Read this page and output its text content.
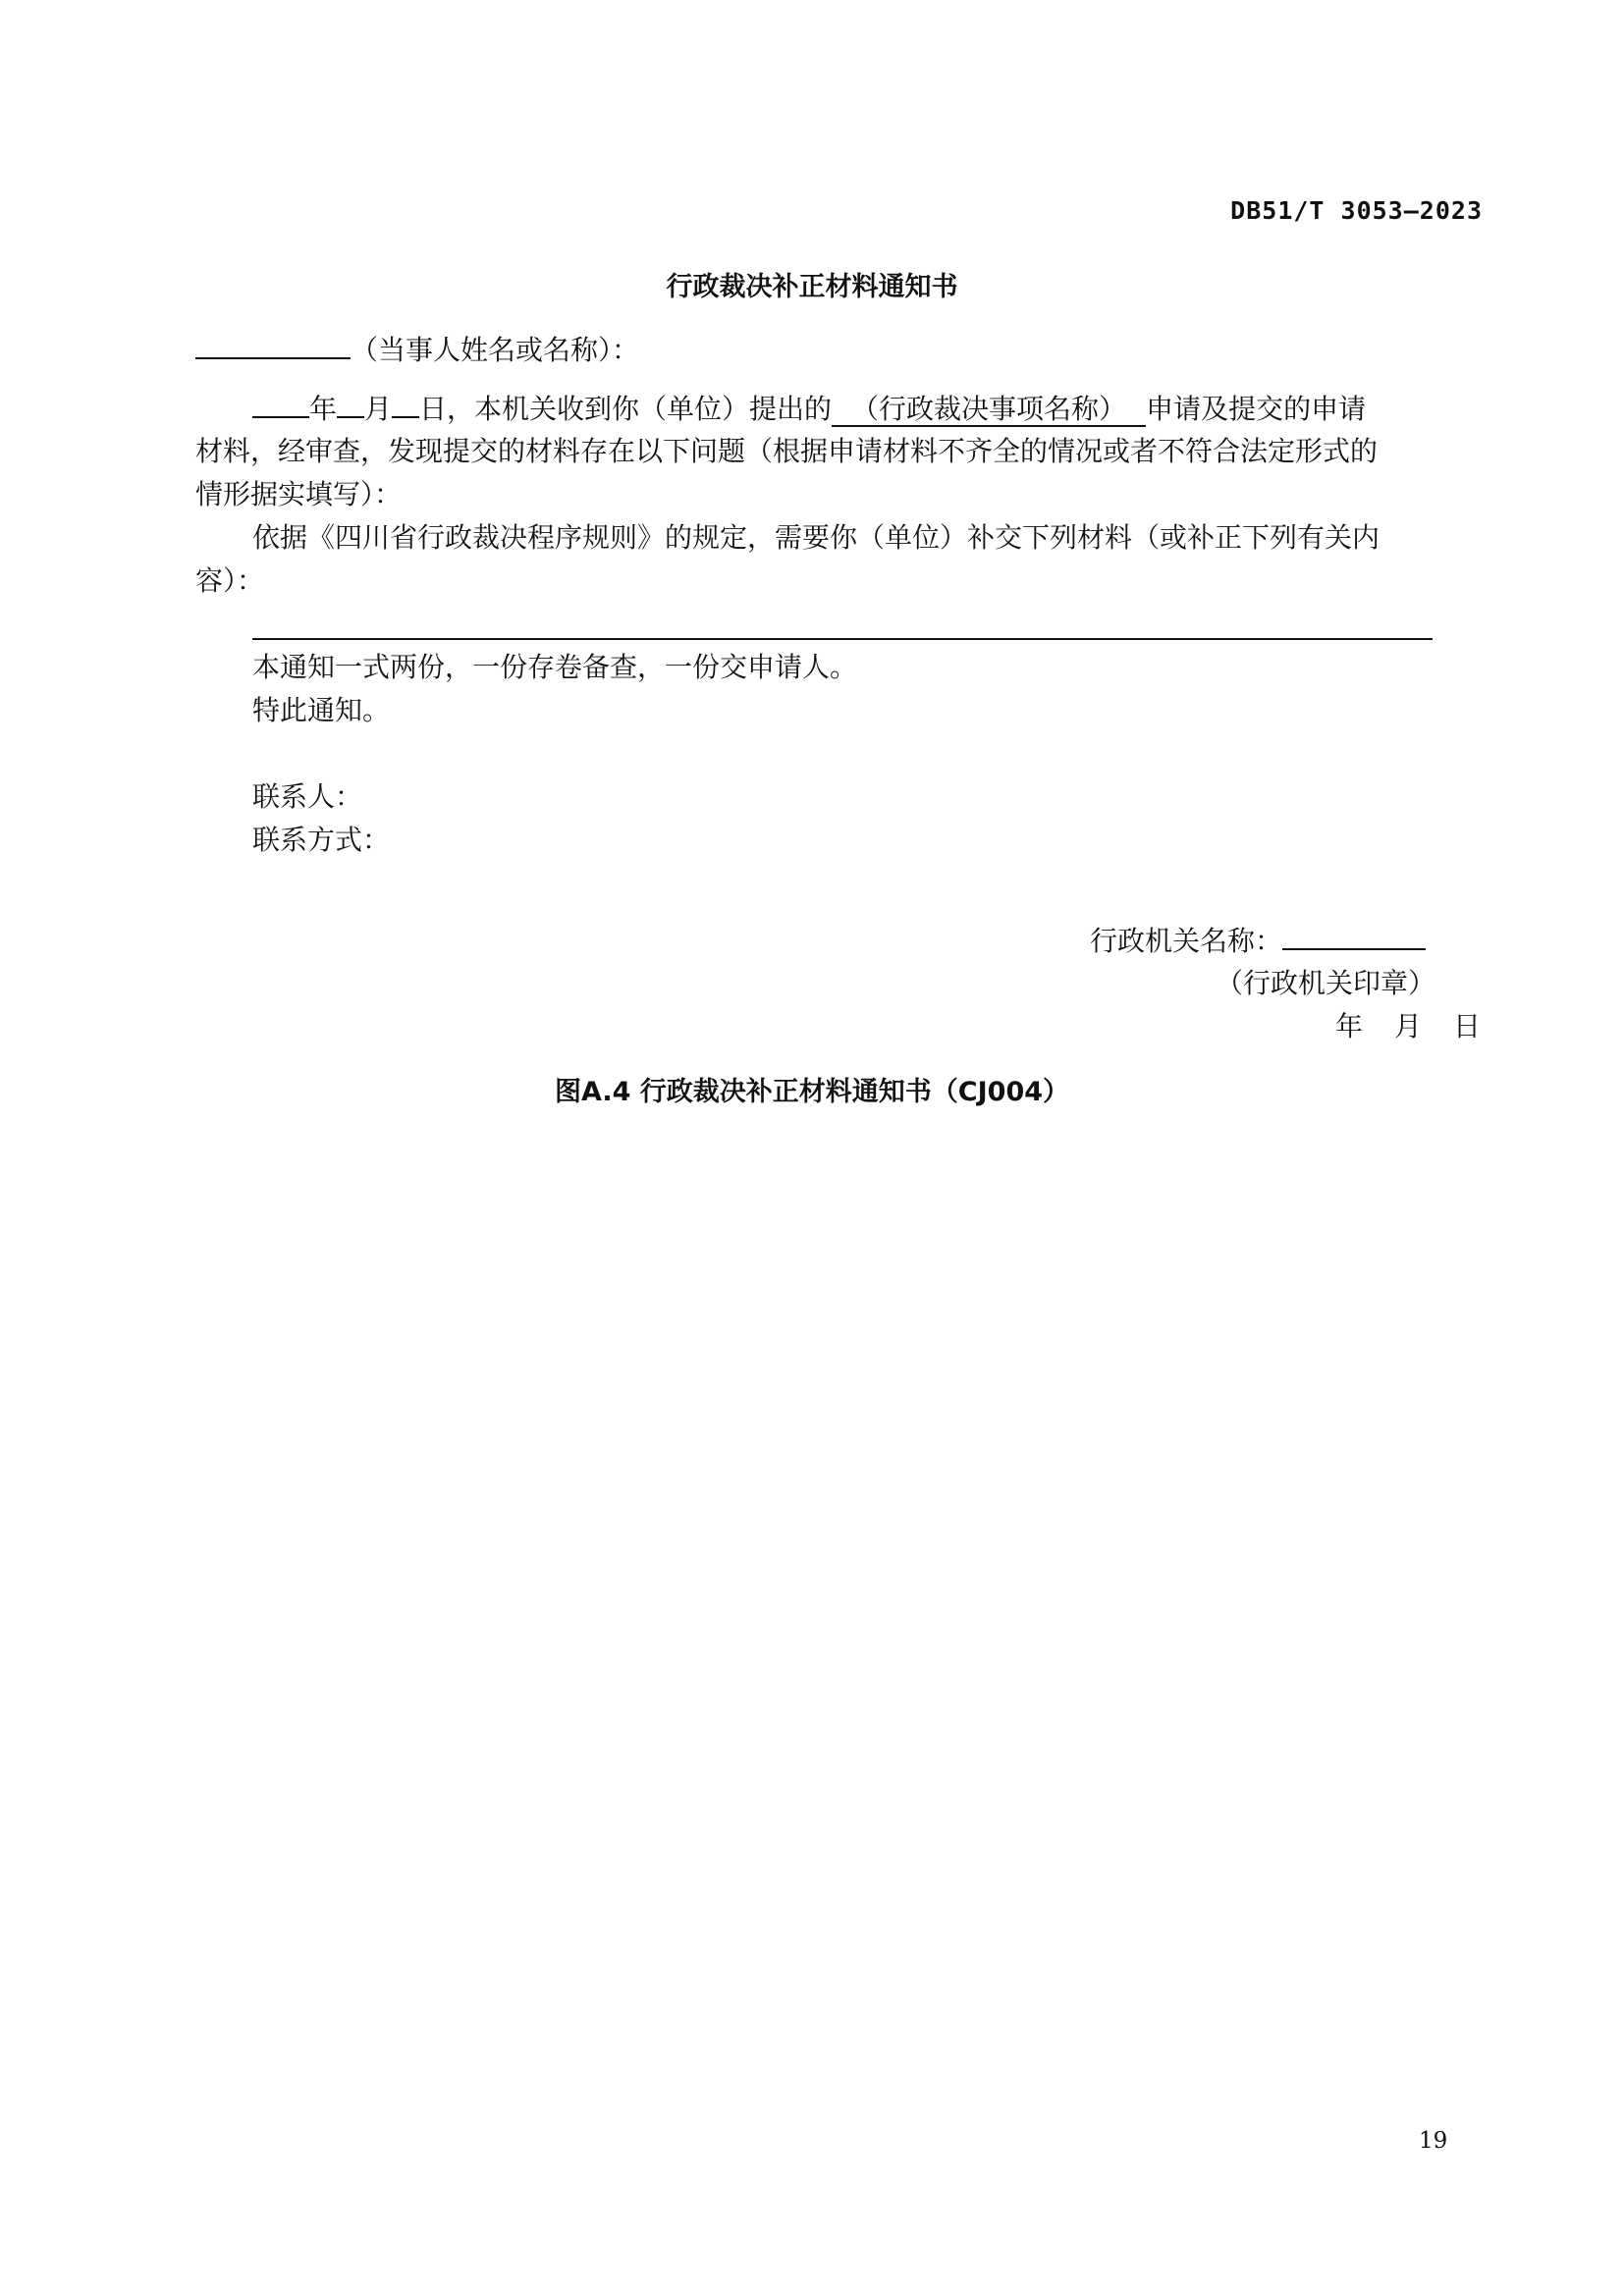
DB51/T 3053—2023
行政裁决补正材料通知书
（当事人姓名或名称）：
年 月 日，本机关收到你（单位）提出的 （行政裁决事项名称） 申请及提交的申请
材料，经审查，发现提交的材料存在以下问题（根据申请材料不齐全的情况或者不符合法定形式的
情形据实填写）：
依据《四川省行政裁决程序规则》的规定，需要你（单位）补交下列材料（或补正下列有关内
容）：
本通知一式两份，一份存卷备查，一份交申请人。
特此通知。
联系人：
联系方式：
行政机关名称：
（行政机关印章）
年 月 日
图A.4 行政裁决补正材料通知书（CJ004）
19
